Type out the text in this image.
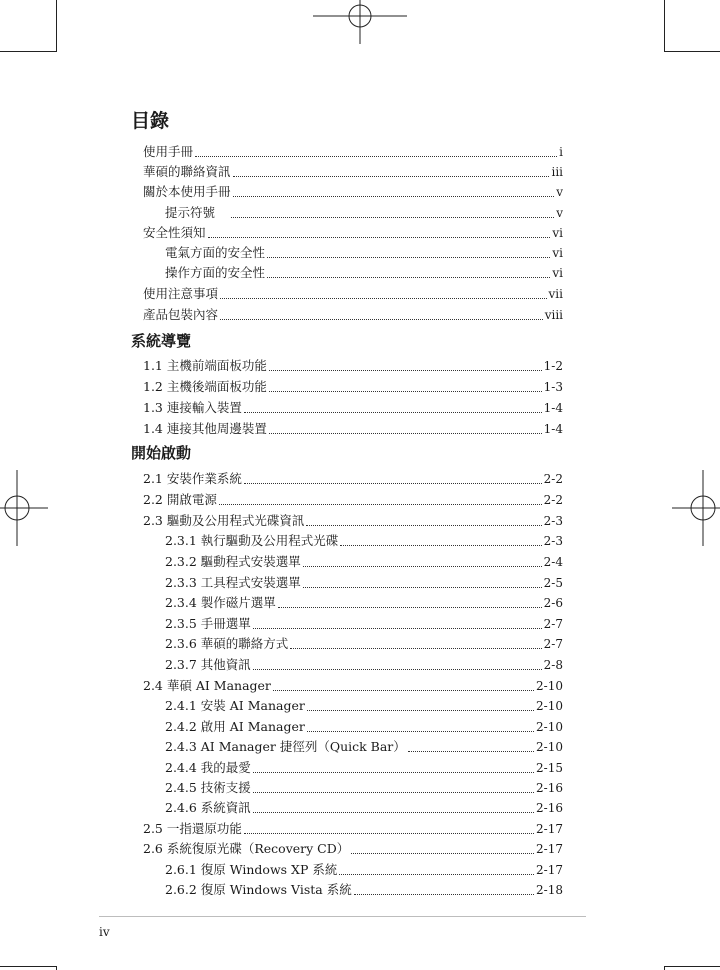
目錄
使用手冊	i
華碩的聯絡資訊	iii
關於本使用手冊	v
提示符號	v
安全性須知	vi
電氣方面的安全性	vi
操作方面的安全性	vi
使用注意事項	vii
產品包裝內容	viii
系統導覽
1.1 主機前端面板功能	1-2
1.2 主機後端面板功能	1-3
1.3 連接輸入裝置	1-4
1.4 連接其他周邊裝置	1-4
開始啟動
2.1 安裝作業系統	2-2
2.2 開啟電源	2-2
2.3 驅動及公用程式光碟資訊	2-3
2.3.1 執行驅動及公用程式光碟	2-3
2.3.2 驅動程式安裝選單	2-4
2.3.3 工具程式安裝選單	2-5
2.3.4 製作磁片選單	2-6
2.3.5 手冊選單	2-7
2.3.6 華碩的聯絡方式	2-7
2.3.7 其他資訊	2-8
2.4 華碩 AI Manager	2-10
2.4.1 安裝 AI Manager	2-10
2.4.2 啟用 AI Manager	2-10
2.4.3 AI Manager 捷徑列（Quick Bar）	2-10
2.4.4 我的最愛	2-15
2.4.5 技術支援	2-16
2.4.6 系統資訊	2-16
2.5 一指還原功能	2-17
2.6 系統復原光碟（Recovery CD）	2-17
2.6.1 復原 Windows XP 系統	2-17
2.6.2 復原 Windows Vista 系統	2-18
iv
